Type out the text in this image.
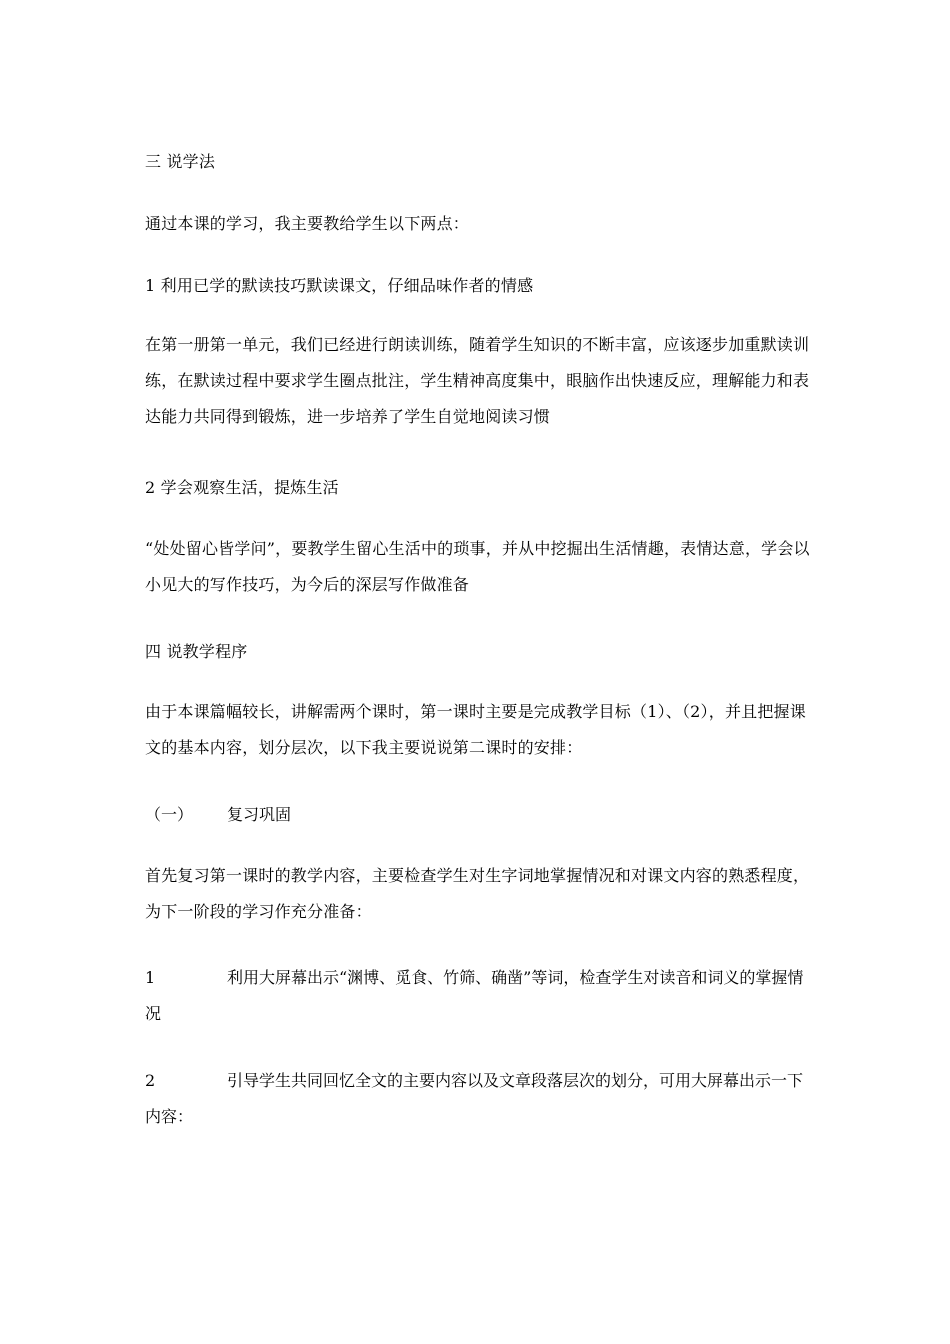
三 说学法

通过本课的学习，我主要教给学生以下两点：

1 利用已学的默读技巧默读课文，仔细品味作者的情感

在第一册第一单元，我们已经进行朗读训练，随着学生知识的不断丰富，应该逐步加重默读训练，在默读过程中要求学生圈点批注，学生精神高度集中，眼脑作出快速反应，理解能力和表达能力共同得到锻炼，进一步培养了学生自觉地阅读习惯

2 学会观察生活，提炼生活

“处处留心皆学问”，要教学生留心生活中的琐事，并从中挖掘出生活情趣，表情达意，学会以小见大的写作技巧，为今后的深层写作做准备

四 说教学程序

由于本课篇幅较长，讲解需两个课时，第一课时主要是完成教学目标（1）、（2），并且把握课文的基本内容，划分层次，以下我主要说说第二课时的安排：

（一） 复习巩固

首先复习第一课时的教学内容，主要检查学生对生字词地掌握情况和对课文内容的熟悉程度，为下一阶段的学习作充分准备：

1	利用大屏幕出示“渊博、觅食、竹筛、确凿”等词，检查学生对读音和词义的掌握情况

2	引导学生共同回忆全文的主要内容以及文章段落层次的划分，可用大屏幕出示一下内容：
